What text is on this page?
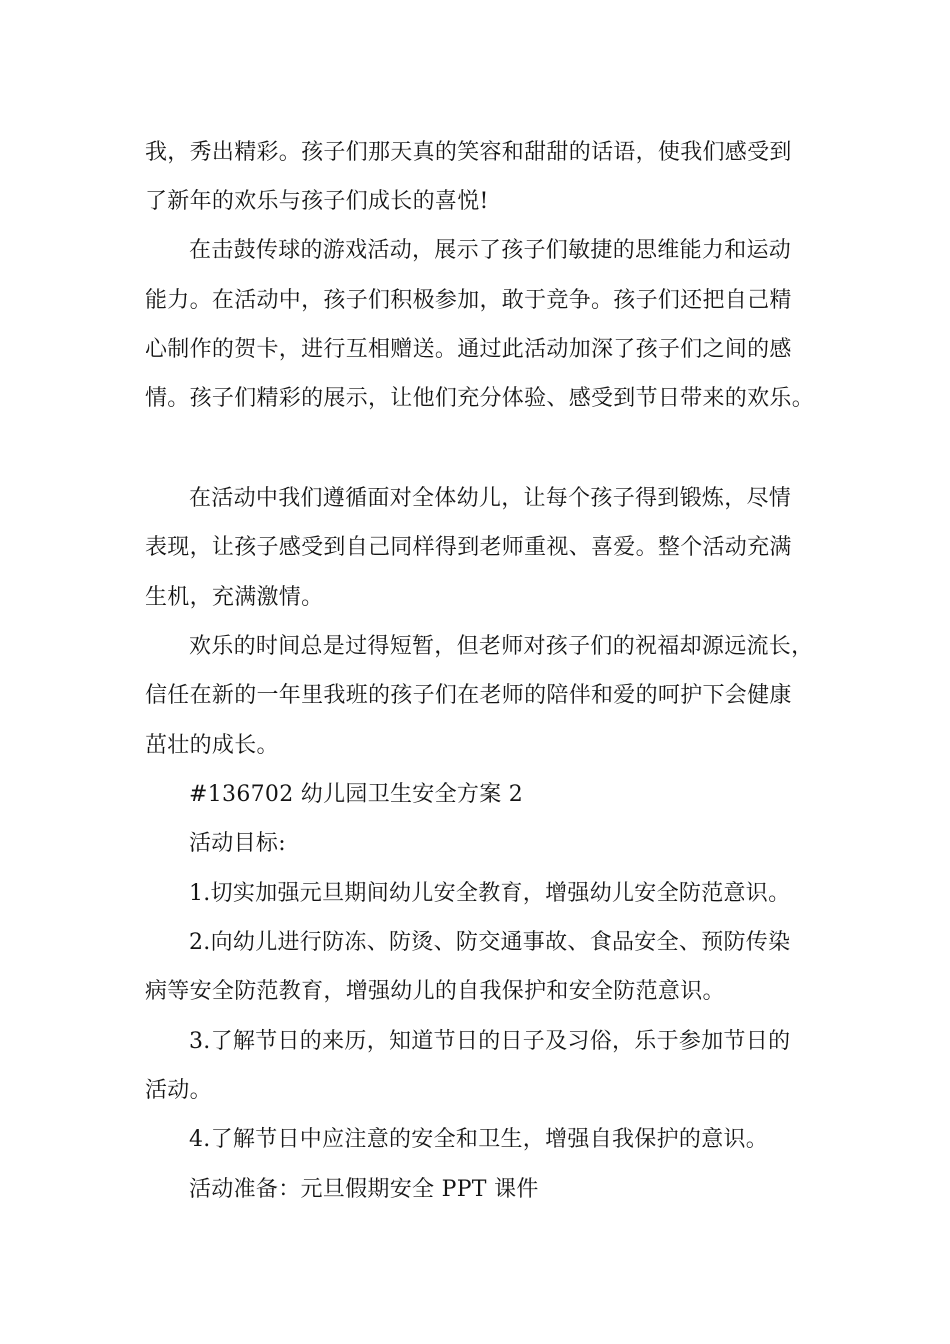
我，秀出精彩。孩子们那天真的笑容和甜甜的话语，使我们感受到

了新年的欢乐与孩子们成长的喜悦!

在击鼓传球的游戏活动，展示了孩子们敏捷的思维能力和运动

能力。在活动中，孩子们积极参加，敢于竞争。孩子们还把自己精

心制作的贺卡，进行互相赠送。通过此活动加深了孩子们之间的感

情。孩子们精彩的展示，让他们充分体验、感受到节日带来的欢乐。

在活动中我们遵循面对全体幼儿，让每个孩子得到锻炼，尽情

表现，让孩子感受到自己同样得到老师重视、喜爱。整个活动充满

生机，充满激情。

欢乐的时间总是过得短暂，但老师对孩子们的祝福却源远流长，

信任在新的一年里我班的孩子们在老师的陪伴和爱的呵护下会健康

茁壮的成长。

#136702 幼儿园卫生安全方案 2

活动目标:

1.切实加强元旦期间幼儿安全教育，增强幼儿安全防范意识。

2.向幼儿进行防冻、防烫、防交通事故、食品安全、预防传染

病等安全防范教育，增强幼儿的自我保护和安全防范意识。

3.了解节日的来历，知道节日的日子及习俗，乐于参加节日的

活动。

4.了解节日中应注意的安全和卫生，增强自我保护的意识。

活动准备：元旦假期安全 PPT 课件
